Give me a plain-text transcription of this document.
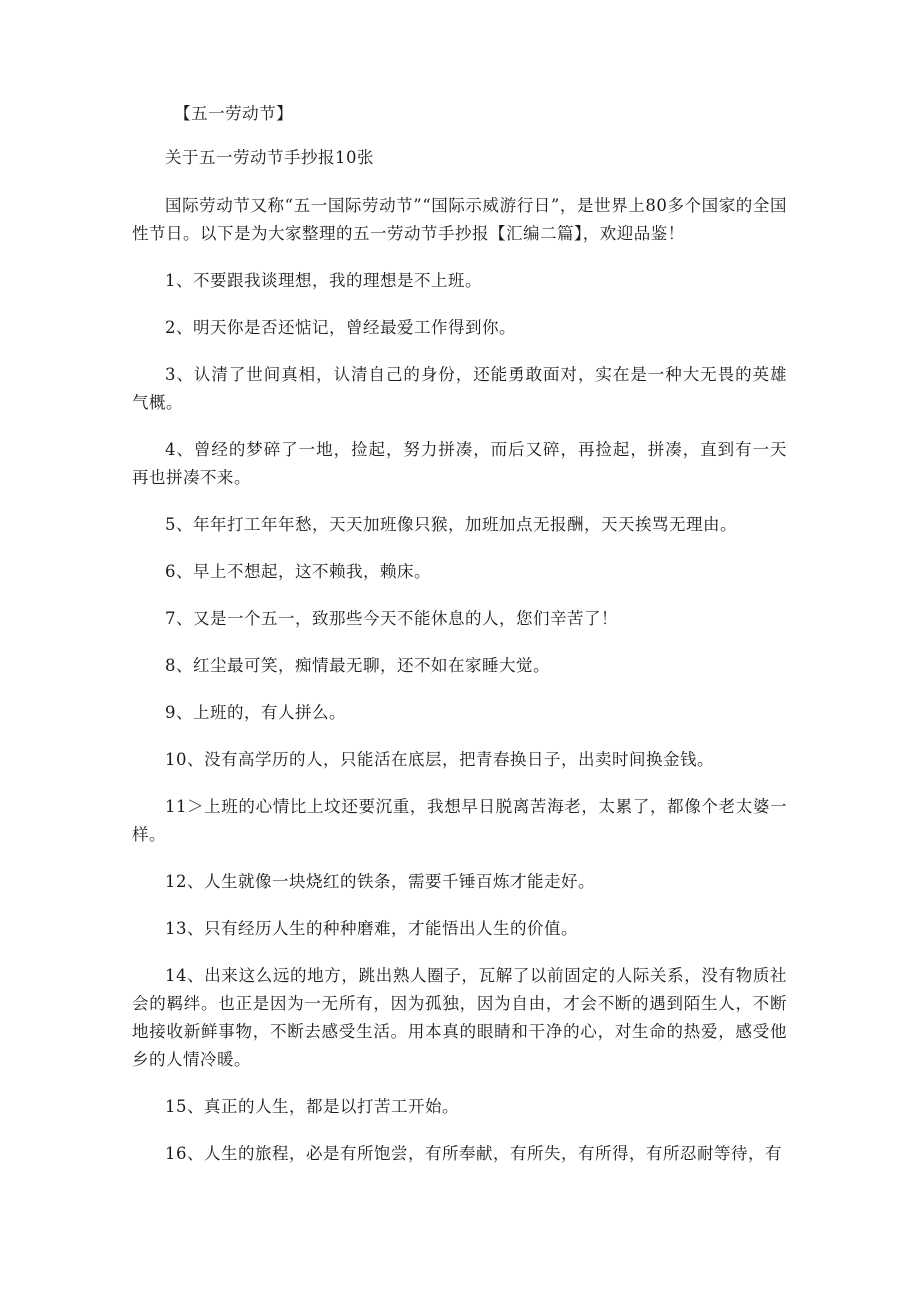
【五一劳动节】

关于五一劳动节手抄报10张

国际劳动节又称“五一国际劳动节”“国际示威游行日”，是世界上80多个国家的全国性节日。以下是为大家整理的五一劳动节手抄报【汇编二篇】，欢迎品鉴！

1、不要跟我谈理想，我的理想是不上班。

2、明天你是否还惦记，曾经最爱工作得到你。

3、认清了世间真相，认清自己的身份，还能勇敢面对，实在是一种大无畏的英雄气概。

4、曾经的梦碎了一地，捡起，努力拼凑，而后又碎，再捡起，拼凑，直到有一天再也拼凑不来。

5、年年打工年年愁，天天加班像只猴，加班加点无报酬，天天挨骂无理由。

6、早上不想起，这不赖我，赖床。

7、又是一个五一，致那些今天不能休息的人，您们辛苦了！

8、红尘最可笑，痴情最无聊，还不如在家睡大觉。

9、上班的，有人拼么。

10、没有高学历的人，只能活在底层，把青春换日子，出卖时间换金钱。

11＞上班的心情比上坟还要沉重，我想早日脱离苦海老，太累了，都像个老太婆一样。

12、人生就像一块烧红的铁条，需要千锤百炼才能走好。

13、只有经历人生的种种磨难，才能悟出人生的价值。

14、出来这么远的地方，跳出熟人圈子，瓦解了以前固定的人际关系，没有物质社会的羁绊。也正是因为一无所有，因为孤独，因为自由，才会不断的遇到陌生人，不断地接收新鲜事物，不断去感受生活。用本真的眼睛和干净的心，对生命的热爱，感受他乡的人情冷暖。

15、真正的人生，都是以打苦工开始。

16、人生的旅程，必是有所饱尝，有所奉献，有所失，有所得，有所忍耐等待，有
